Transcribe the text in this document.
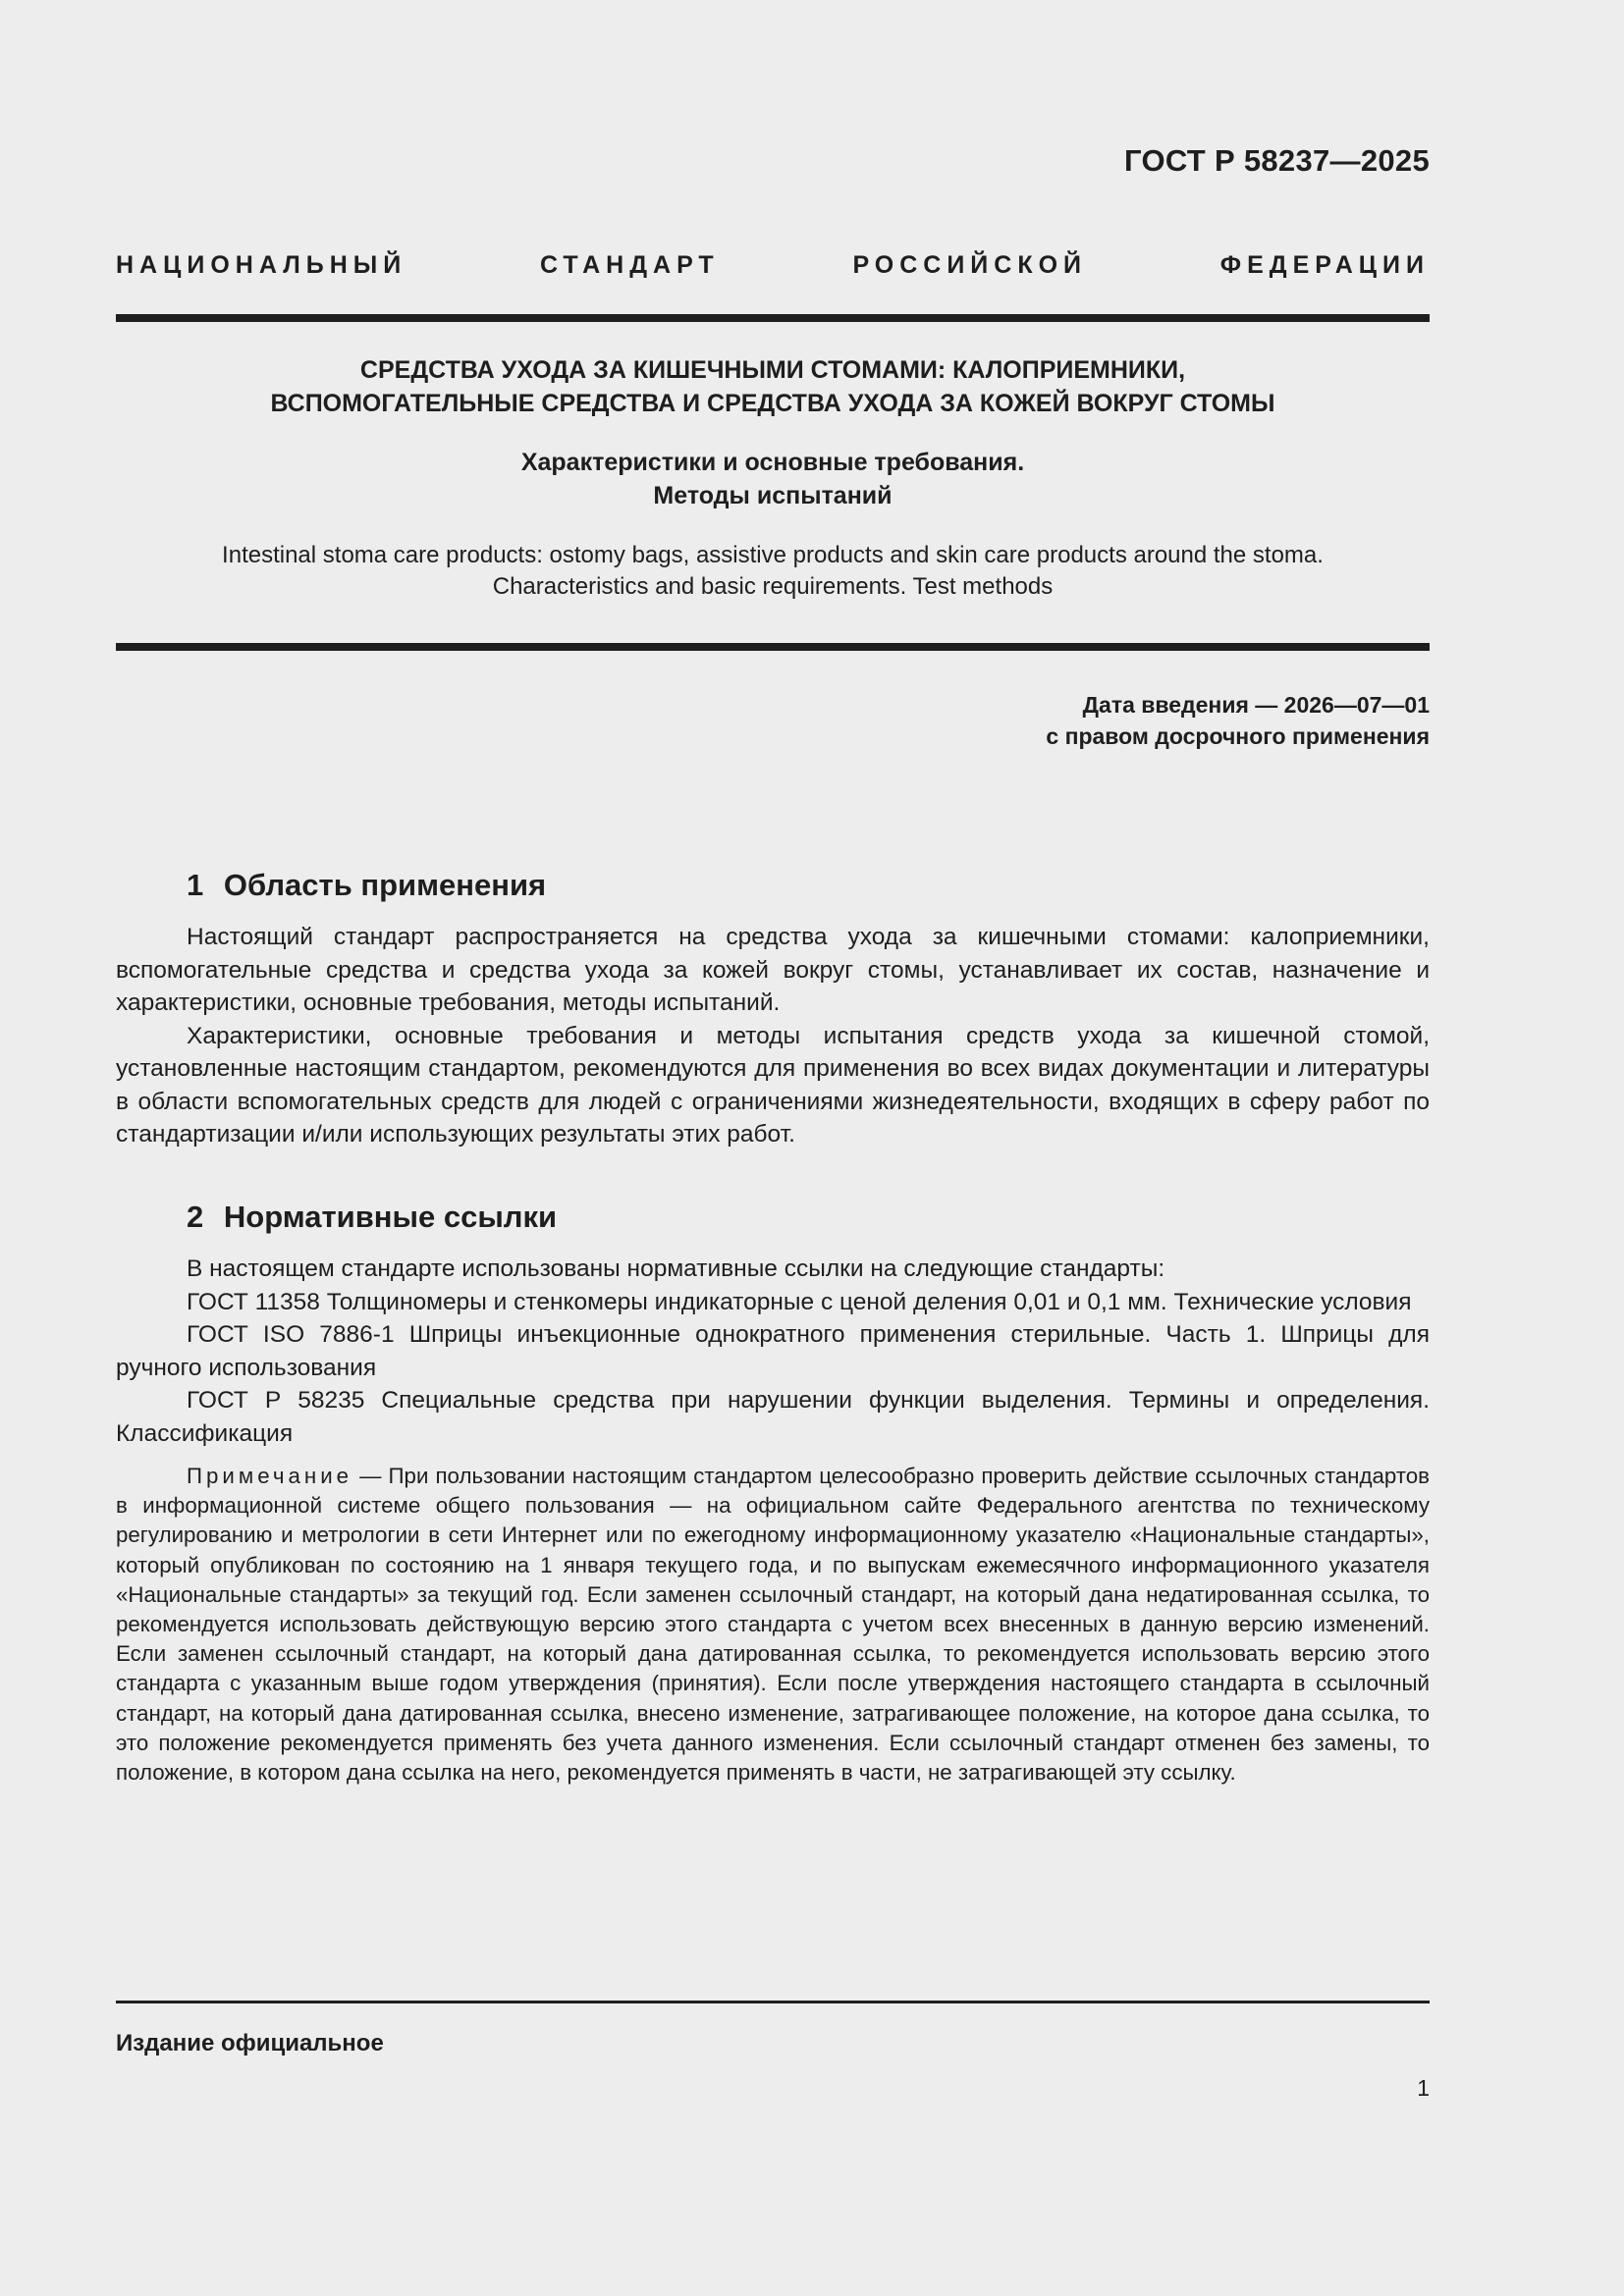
ГОСТ Р 58237—2025
НАЦИОНАЛЬНЫЙ СТАНДАРТ РОССИЙСКОЙ ФЕДЕРАЦИИ

СРЕДСТВА УХОДА ЗА КИШЕЧНЫМИ СТОМАМИ: КАЛОПРИЕМНИКИ,
ВСПОМОГАТЕЛЬНЫЕ СРЕДСТВА И СРЕДСТВА УХОДА ЗА КОЖЕЙ ВОКРУГ СТОМЫ

Характеристики и основные требования.
Методы испытаний

Intestinal stoma care products: ostomy bags, assistive products and skin care products around the stoma.
Characteristics and basic requirements. Test methods

Дата введения — 2026—07—01
с правом досрочного применения
1 Область применения

Настоящий стандарт распространяется на средства ухода за кишечными стомами: калоприемники, вспомогательные средства и средства ухода за кожей вокруг стомы, устанавливает их состав, назначение и характеристики, основные требования, методы испытаний.

Характеристики, основные требования и методы испытания средств ухода за кишечной стомой, установленные настоящим стандартом, рекомендуются для применения во всех видах документации и литературы в области вспомогательных средств для людей с ограничениями жизнедеятельности, входящих в сферу работ по стандартизации и/или использующих результаты этих работ.

2 Нормативные ссылки

В настоящем стандарте использованы нормативные ссылки на следующие стандарты:

ГОСТ 11358 Толщиномеры и стенкомеры индикаторные с ценой деления 0,01 и 0,1 мм. Технические условия

ГОСТ ISO 7886-1 Шприцы инъекционные однократного применения стерильные. Часть 1. Шприцы для ручного использования

ГОСТ Р 58235 Специальные средства при нарушении функции выделения. Термины и определения. Классификация

Примечание — При пользовании настоящим стандартом целесообразно проверить действие ссылочных стандартов в информационной системе общего пользования — на официальном сайте Федерального агентства по техническому регулированию и метрологии в сети Интернет или по ежегодному информационному указателю «Национальные стандарты», который опубликован по состоянию на 1 января текущего года, и по выпускам ежемесячного информационного указателя «Национальные стандарты» за текущий год. Если заменен ссылочный стандарт, на который дана недатированная ссылка, то рекомендуется использовать действующую версию этого стандарта с учетом всех внесенных в данную версию изменений. Если заменен ссылочный стандарт, на который дана датированная ссылка, то рекомендуется использовать версию этого стандарта с указанным выше годом утверждения (принятия). Если после утверждения настоящего стандарта в ссылочный стандарт, на который дана датированная ссылка, внесено изменение, затрагивающее положение, на которое дана ссылка, то это положение рекомендуется применять без учета данного изменения. Если ссылочный стандарт отменен без замены, то положение, в котором дана ссылка на него, рекомендуется применять в части, не затрагивающей эту ссылку.

Издание официальное
1
